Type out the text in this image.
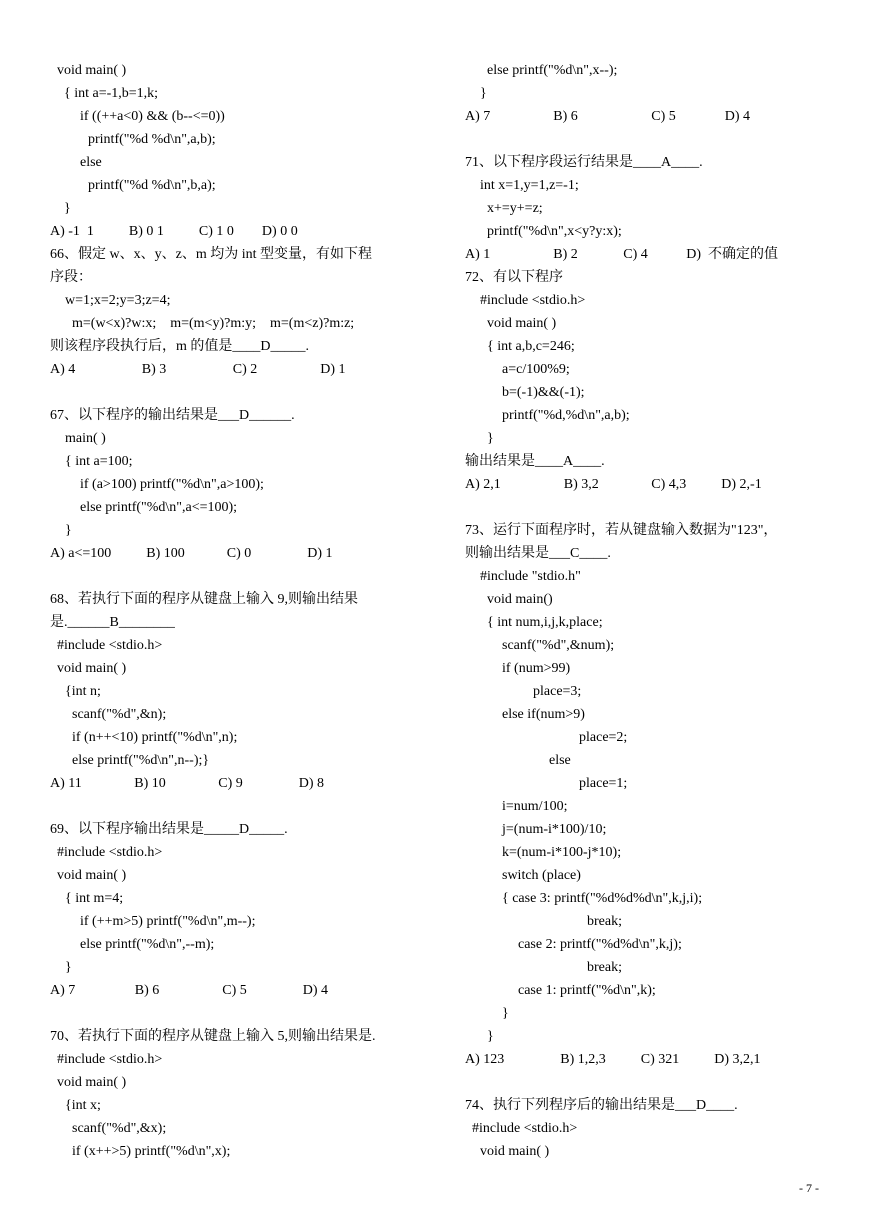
void main( )
{ int a=-1,b=1,k;
if ((++a<0) && (b--<=0))
printf("%d %d\n",a,b);
else
printf("%d %d\n",b,a);
}
A) -1  1          B) 0 1          C) 1 0        D) 0 0
66、假定 w、x、y、z、m 均为 int 型变量，有如下程
序段：
w=1;x=2;y=3;z=4;
m=(w<x)?w:x;    m=(m<y)?m:y;    m=(m<z)?m:z;
则该程序段执行后，m 的值是____D_____.
A) 4                   B) 3                   C) 2                  D) 1
67、以下程序的输出结果是___D______.
main( )
{ int a=100;
if (a>100) printf("%d\n",a>100);
else printf("%d\n",a<=100);
}
A) a<=100          B) 100            C) 0                D) 1
68、若执行下面的程序从键盘上输入 9,则输出结果
是.______B________
#include <stdio.h>
void main( )
{int n;
scanf("%d",&n);
if (n++<10) printf("%d\n",n);
else printf("%d\n",n--);}
A) 11               B) 10               C) 9                D) 8
69、以下程序输出结果是_____D_____.
#include <stdio.h>
void main( )
{ int m=4;
if (++m>5) printf("%d\n",m--);
else printf("%d\n",--m);
}
A) 7                 B) 6                  C) 5                D) 4
70、若执行下面的程序从键盘上输入 5,则输出结果是.
#include <stdio.h>
void main( )
{int x;
scanf("%d",&x);
if (x++>5) printf("%d\n",x);
else printf("%d\n",x--);
}
A) 7                  B) 6                     C) 5              D) 4
71、以下程序段运行结果是____A____.
int x=1,y=1,z=-1;
x+=y+=z;
printf("%d\n",x<y?y:x);
A) 1                  B) 2             C) 4           D)  不确定的值
72、有以下程序
#include <stdio.h>
void main( )
{ int a,b,c=246;
a=c/100%9;
b=(-1)&&(-1);
printf("%d,%d\n",a,b);
}
输出结果是____A____.
A) 2,1                  B) 3,2               C) 4,3          D) 2,-1
73、运行下面程序时，若从键盘输入数据为"123"，
则输出结果是___C____.
#include "stdio.h"
void main()
{ int num,i,j,k,place;
scanf("%d",&num);
if (num>99)
place=3;
else if(num>9)
place=2;
else
place=1;
i=num/100;
j=(num-i*100)/10;
k=(num-i*100-j*10);
switch (place)
{ case 3: printf("%d%d%d\n",k,j,i);
break;
case 2: printf("%d%d\n",k,j);
break;
case 1: printf("%d\n",k);
}
}
A) 123                B) 1,2,3          C) 321          D) 3,2,1
74、执行下列程序后的输出结果是___D____.
#include <stdio.h>
void main( )
- 7 -
